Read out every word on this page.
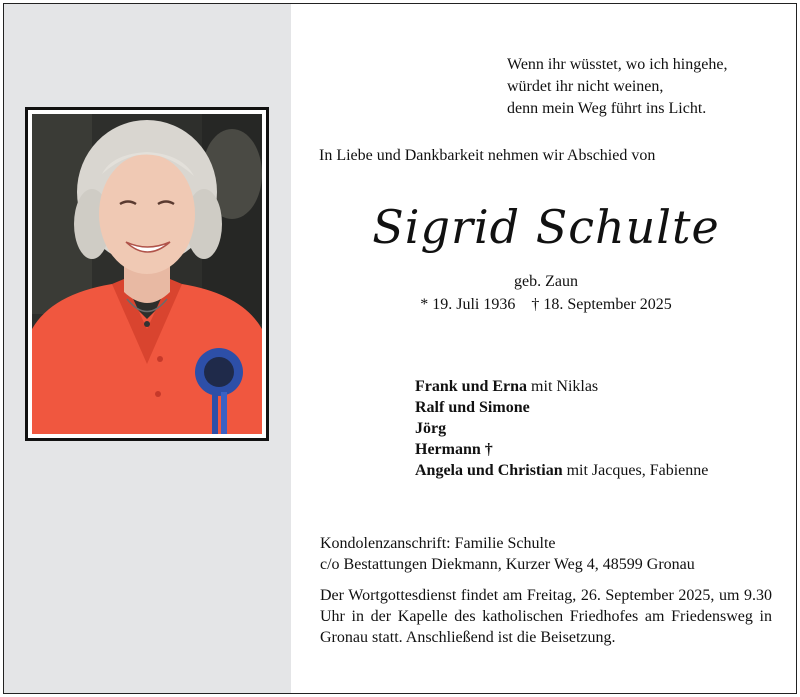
Wenn ihr wüsstet, wo ich hingehe,
würdet ihr nicht weinen,
denn mein Weg führt ins Licht.
In Liebe und Dankbarkeit nehmen wir Abschied von
Sigrid Schulte
geb. Zaun
* 19. Juli 1936 † 18. September 2025
Frank und Erna mit Niklas
Ralf und Simone
Jörg
Hermann †
Angela und Christian mit Jacques, Fabienne
Kondolenzanschrift: Familie Schulte
c/o Bestattungen Diekmann, Kurzer Weg 4, 48599 Gronau
Der Wortgottesdienst findet am Freitag, 26. September 2025, um 9.30 Uhr in der Kapelle des katholischen Friedhofes am Friedensweg in Gronau statt. Anschließend ist die Beisetzung.
